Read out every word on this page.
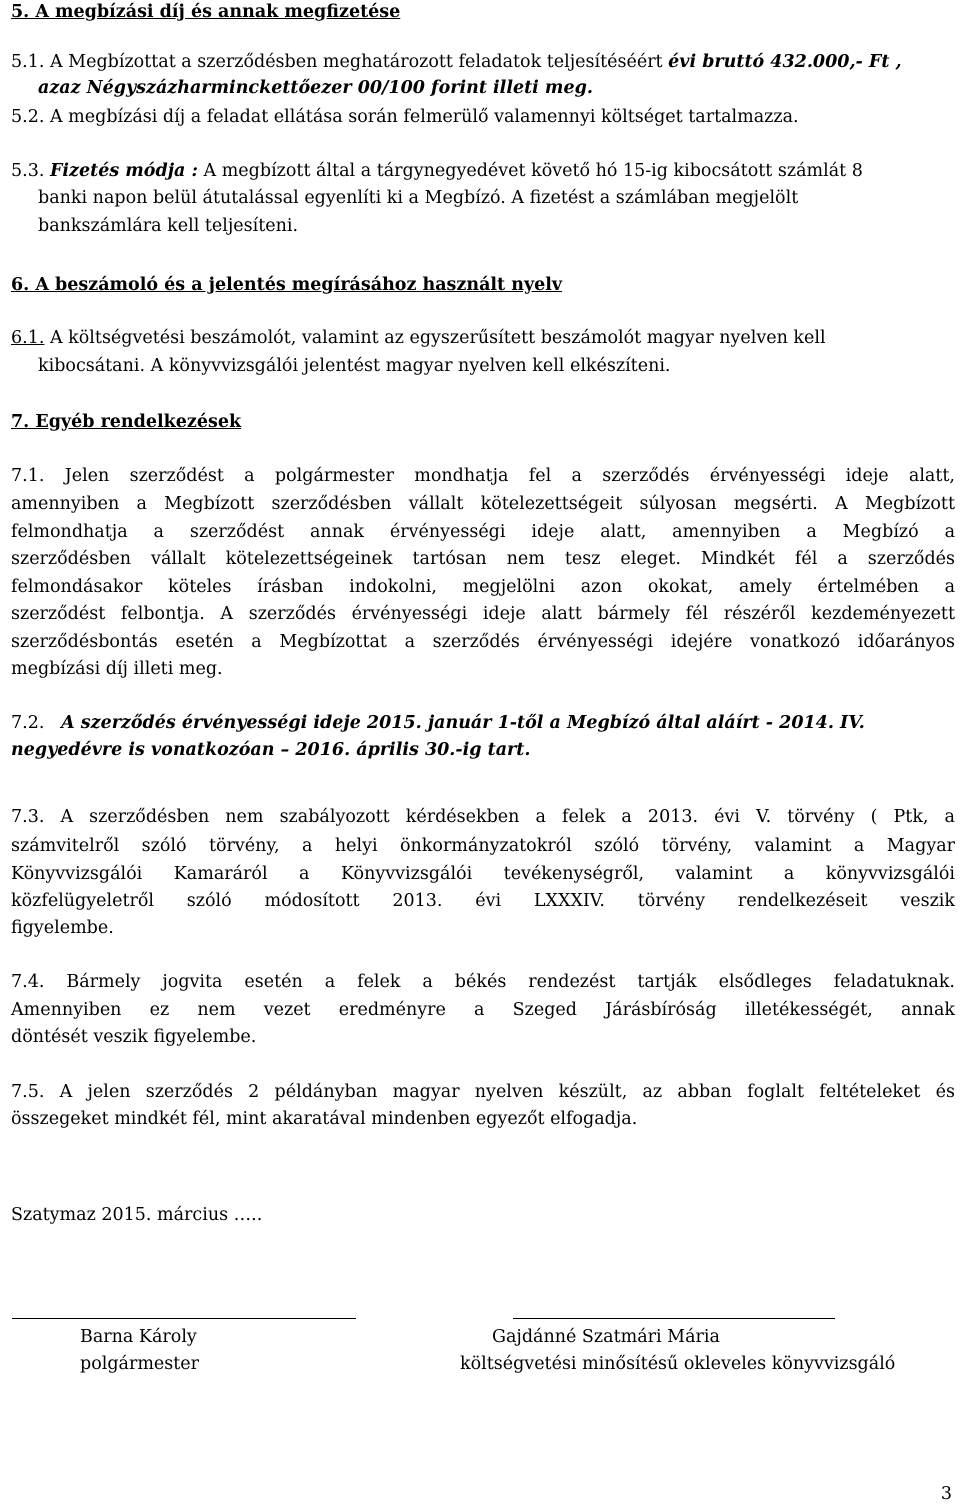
5. A megbízási díj és annak megfizetése
5.1. A Megbízottat a szerződésben meghatározott feladatok teljesítéséért évi bruttó 432.000,- Ft ,
azaz Négyszázharminckettőezer 00/100 forint illeti meg.
5.2. A megbízási díj a feladat ellátása során felmerülő valamennyi költséget tartalmazza.
5.3. Fizetés módja : A megbízott által a tárgynegyedévet követő hó 15-ig kibocsátott számlát 8
banki napon belül átutalással egyenlíti ki a Megbízó. A fizetést a számlában megjelölt
bankszámlára kell teljesíteni.
6. A beszámoló és a jelentés megírásához használt nyelv
6.1. A költségvetési beszámolót, valamint az egyszerűsített beszámolót magyar nyelven kell
kibocsátani. A könyvvizsgálói jelentést magyar nyelven kell elkészíteni.
7. Egyéb rendelkezések
7.1. Jelen szerződést a polgármester mondhatja fel a szerződés érvényességi ideje alatt,
amennyiben a Megbízott szerződésben vállalt kötelezettségeit súlyosan megsérti. A Megbízott
felmondhatja a szerződést annak érvényességi ideje alatt, amennyiben a Megbízó a
szerződésben vállalt kötelezettségeinek tartósan nem tesz eleget. Mindkét fél a szerződés
felmondásakor köteles írásban indokolni, megjelölni azon okokat, amely értelmében a
szerződést felbontja. A szerződés érvényességi ideje alatt bármely fél részéről kezdeményezett
szerződésbontás esetén a Megbízottat a szerződés érvényességi idejére vonatkozó időarányos
megbízási díj illeti meg.
7.2. A szerződés érvényességi ideje 2015. január 1-től a Megbízó által aláírt - 2014. IV.
negyedévre is vonatkozóan – 2016. április 30.-ig tart.
7.3. A szerződésben nem szabályozott kérdésekben a felek a 2013. évi V. törvény ( Ptk, a
számvitelről szóló törvény, a helyi önkormányzatokról szóló törvény, valamint a Magyar
Könyvvizsgálói Kamaráról a Könyvvizsgálói tevékenységről, valamint a könyvvizsgálói
közfelügyeletről szóló módosított 2013. évi LXXXIV. törvény rendelkezéseit veszik
figyelembe.
7.4. Bármely jogvita esetén a felek a békés rendezést tartják elsődleges feladatuknak.
Amennyiben ez nem vezet eredményre a Szeged Járásbíróság illetékességét, annak
döntését veszik figyelembe.
7.5. A jelen szerződés 2 példányban magyar nyelven készült, az abban foglalt feltételeket és
összegeket mindkét fél, mint akaratával mindenben egyezőt elfogadja.
Szatymaz 2015. március …..
Barna Károly
polgármester
Gajdánné Szatmári Mária
költségvetési minősítésű okleveles könyvvizsgáló
3
